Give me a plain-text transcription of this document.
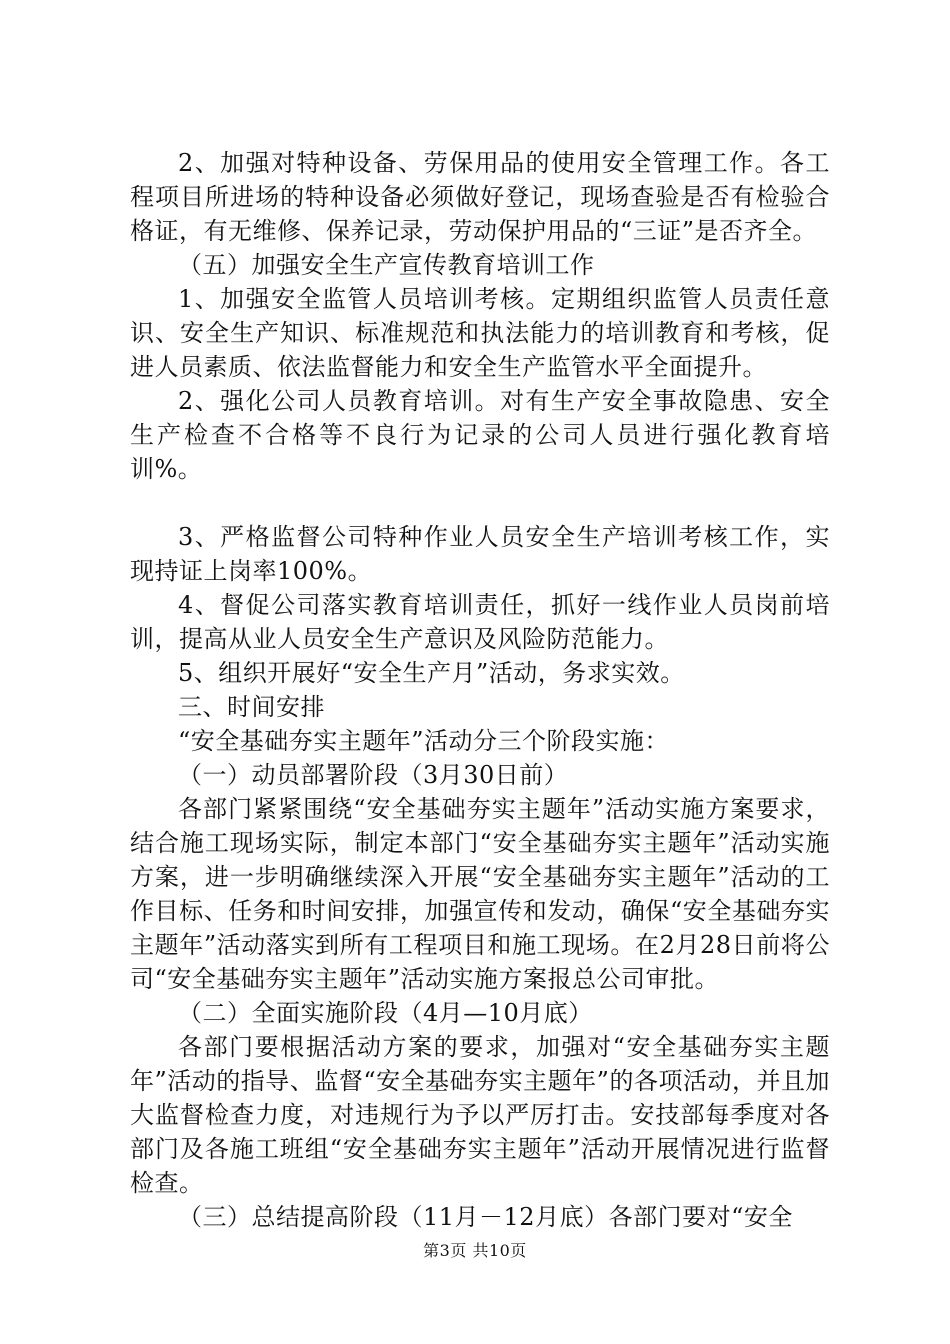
2、加强对特种设备、劳保用品的使用安全管理工作。各工程项目所进场的特种设备必须做好登记，现场查验是否有检验合格证，有无维修、保养记录，劳动保护用品的“三证”是否齐全。

（五）加强安全生产宣传教育培训工作

1、加强安全监管人员培训考核。定期组织监管人员责任意识、安全生产知识、标准规范和执法能力的培训教育和考核，促进人员素质、依法监督能力和安全生产监管水平全面提升。

2、强化公司人员教育培训。对有生产安全事故隐患、安全生产检查不合格等不良行为记录的公司人员进行强化教育培训%。

3、严格监督公司特种作业人员安全生产培训考核工作，实现持证上岗率100%。

4、督促公司落实教育培训责任，抓好一线作业人员岗前培训，提高从业人员安全生产意识及风险防范能力。

5、组织开展好“安全生产月”活动，务求实效。

三、时间安排

“安全基础夯实主题年”活动分三个阶段实施：

（一）动员部署阶段（3月30日前）

各部门紧紧围绕“安全基础夯实主题年”活动实施方案要求，结合施工现场实际，制定本部门“安全基础夯实主题年”活动实施方案，进一步明确继续深入开展“安全基础夯实主题年”活动的工作目标、任务和时间安排，加强宣传和发动，确保“安全基础夯实主题年”活动落实到所有工程项目和施工现场。在2月28日前将公司“安全基础夯实主题年”活动实施方案报总公司审批。

（二）全面实施阶段（4月—10月底）

各部门要根据活动方案的要求，加强对“安全基础夯实主题年”活动的指导、监督“安全基础夯实主题年”的各项活动，并且加大监督检查力度，对违规行为予以严厉打击。安技部每季度对各部门及各施工班组“安全基础夯实主题年”活动开展情况进行监督检查。

（三）总结提高阶段（11月－12月底）各部门要对“安全

第3页 共10页
